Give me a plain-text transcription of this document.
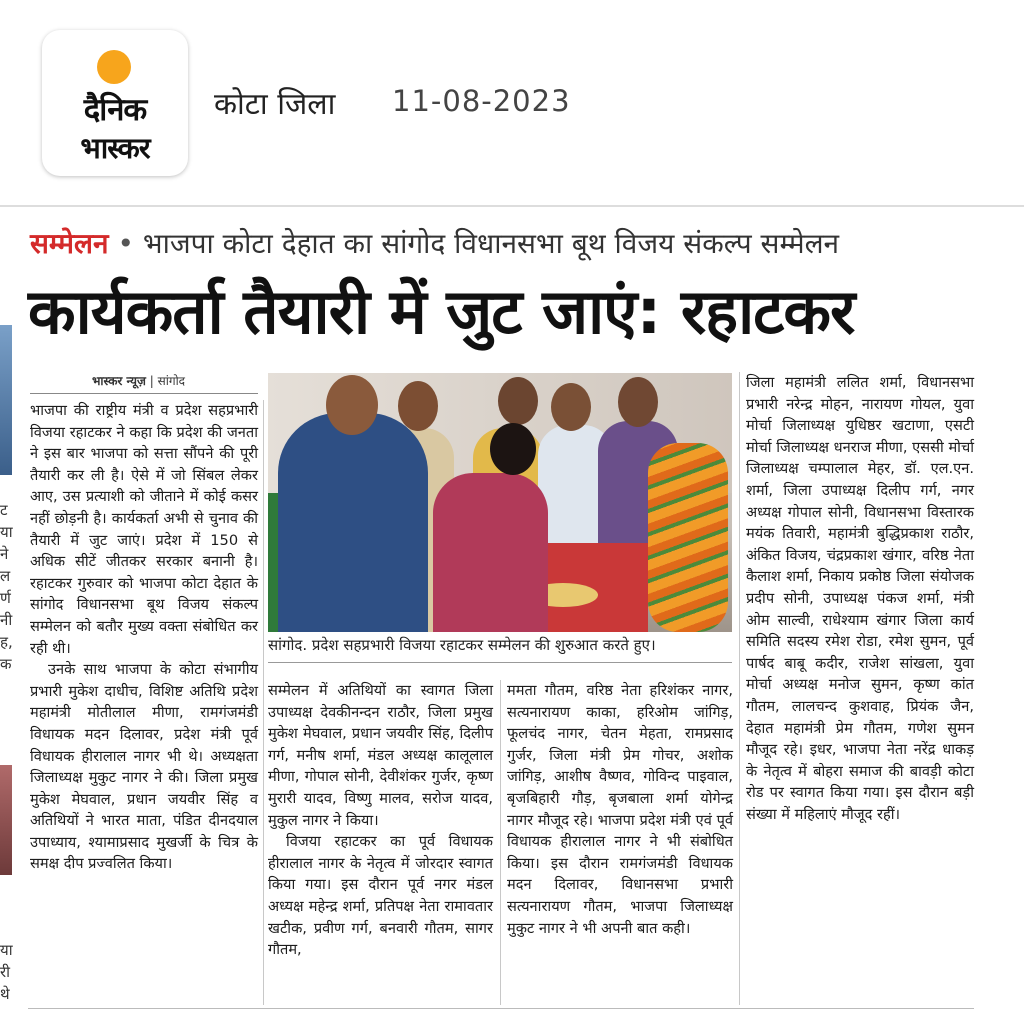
दैनिक
भास्कर
कोटा जिला 11-08-2023
ट
या
ने
ल
र्ण
नी
ह,
क
या
री
थे
सम्मेलन • भाजपा कोटा देहात का सांगोद विधानसभा बूथ विजय संकल्प सम्मेलन
कार्यकर्ता तैयारी में जुट जाएं: रहाटकर
भास्कर न्यूज़ | सांगोद

भाजपा की राष्ट्रीय मंत्री व प्रदेश सहप्रभारी विजया रहाटकर ने कहा कि प्रदेश की जनता ने इस बार भाजपा को सत्ता सौंपने की पूरी तैयारी कर ली है। ऐसे में जो सिंबल लेकर आए, उस प्रत्याशी को जीताने में कोई कसर नहीं छोड़नी है। कार्यकर्ता अभी से चुनाव की तैयारी में जुट जाएं। प्रदेश में 150 से अधिक सीटें जीतकर सरकार बनानी है। रहाटकर गुरुवार को भाजपा कोटा देहात के सांगोद विधानसभा बूथ विजय संकल्प सम्मेलन को बतौर मुख्य वक्ता संबोधित कर रही थी।

उनके साथ भाजपा के कोटा संभागीय प्रभारी मुकेश दाधीच, विशिष्ट अतिथि प्रदेश महामंत्री मोतीलाल मीणा, रामगंजमंडी विधायक मदन दिलावर, प्रदेश मंत्री पूर्व विधायक हीरालाल नागर भी थे। अध्यक्षता जिलाध्यक्ष मुकुट नागर ने की। जिला प्रमुख मुकेश मेघवाल, प्रधान जयवीर सिंह व अतिथियों ने भारत माता, पंडित दीनदयाल उपाध्याय, श्यामाप्रसाद मुखर्जी के चित्र के समक्ष दीप प्रज्वलित किया।

सांगोद. प्रदेश सहप्रभारी विजया रहाटकर सम्मेलन की शुरुआत करते हुए।

सम्मेलन में अतिथियों का स्वागत जिला उपाध्यक्ष देवकीनन्दन राठौर, जिला प्रमुख मुकेश मेघवाल, प्रधान जयवीर सिंह, दिलीप गर्ग, मनीष शर्मा, मंडल अध्यक्ष कालूलाल मीणा, गोपाल सोनी, देवीशंकर गुर्जर, कृष्ण मुरारी यादव, विष्णु मालव, सरोज यादव, मुकुल नागर ने किया।

विजया रहाटकर का पूर्व विधायक हीरालाल नागर के नेतृत्व में जोरदार स्वागत किया गया। इस दौरान पूर्व नगर मंडल अध्यक्ष महेन्द्र शर्मा, प्रतिपक्ष नेता रामावतार खटीक, प्रवीण गर्ग, बनवारी गौतम, सागर गौतम,

ममता गौतम, वरिष्ठ नेता हरिशंकर नागर, सत्यनारायण काका, हरिओम जांगिड़, फूलचंद नागर, चेतन मेहता, रामप्रसाद गुर्जर, जिला मंत्री प्रेम गोचर, अशोक जांगिड़, आशीष वैष्णव, गोविन्द पाइवाल, बृजबिहारी गौड़, बृजबाला शर्मा योगेन्द्र नागर मौजूद रहे। भाजपा प्रदेश मंत्री एवं पूर्व विधायक हीरालाल नागर ने भी संबोधित किया। इस दौरान रामगंजमंडी विधायक मदन दिलावर, विधानसभा प्रभारी सत्यनारायण गौतम, भाजपा जिलाध्यक्ष मुकुट नागर ने भी अपनी बात कही।

जिला महामंत्री ललित शर्मा, विधानसभा प्रभारी नरेन्द्र मोहन, नारायण गोयल, युवा मोर्चा जिलाध्यक्ष युधिष्ठर खटाणा, एसटी मोर्चा जिलाध्यक्ष धनराज मीणा, एससी मोर्चा जिलाध्यक्ष चम्पालाल मेहर, डॉ. एल.एन. शर्मा, जिला उपाध्यक्ष दिलीप गर्ग, नगर अध्यक्ष गोपाल सोनी, विधानसभा विस्तारक मयंक तिवारी, महामंत्री बुद्धिप्रकाश राठौर, अंकित विजय, चंद्रप्रकाश खंगार, वरिष्ठ नेता कैलाश शर्मा, निकाय प्रकोष्ठ जिला संयोजक प्रदीप सोनी, उपाध्यक्ष पंकज शर्मा, मंत्री ओम साल्वी, राधेश्याम खंगार जिला कार्य समिति सदस्य रमेश रोडा, रमेश सुमन, पूर्व पार्षद बाबू कदीर, राजेश सांखला, युवा मोर्चा अध्यक्ष मनोज सुमन, कृष्ण कांत गौतम, लालचन्द कुशवाह, प्रियंक जैन, देहात महामंत्री प्रेम गौतम, गणेश सुमन मौजूद रहे। इधर, भाजपा नेता नरेंद्र धाकड़ के नेतृत्व में बोहरा समाज की बावड़ी कोटा रोड पर स्वागत किया गया। इस दौरान बड़ी संख्या में महिलाएं मौजूद रहीं।
